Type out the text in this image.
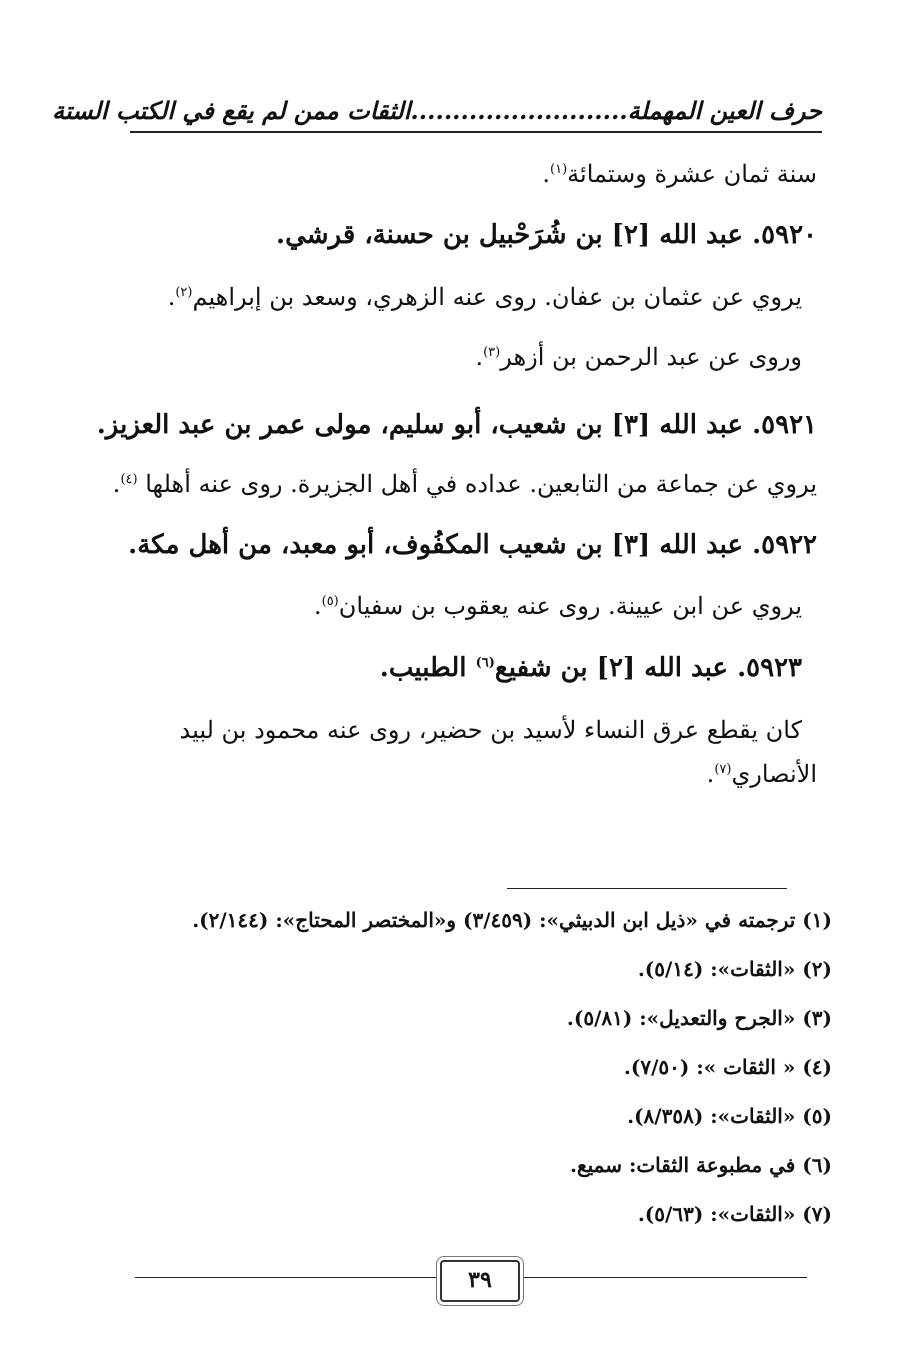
حرف العين المهملة..........................الثقات ممن لم يقع في الكتب الستة
سنة ثمان عشرة وستمائة$^{(١)}$.
٥٩٢٠. عبد الله [٢] بن شُرَحْبيل بن حسنة، قرشي.
يروي عن عثمان بن عفان. روى عنه الزهري، وسعد بن إبراهيم$^{(٢)}$.
وروى عن عبد الرحمن بن أزهر$^{(٣)}$.
٥٩٢١. عبد الله [٣] بن شعيب، أبو سليم، مولى عمر بن عبد العزيز.
يروي عن جماعة من التابعين. عداده في أهل الجزيرة. روى عنه أهلها $^{(٤)}$.
٥٩٢٢. عبد الله [٣] بن شعيب المكفُوف، أبو معبد، من أهل مكة.
يروي عن ابن عيينة. روى عنه يعقوب بن سفيان$^{(٥)}$.
٥٩٢٣. عبد الله [٢] بن شفيع$^{(٦)}$ الطبيب.
كان يقطع عرق النساء لأسيد بن حضير، روى عنه محمود بن لبيد
الأنصاري$^{(٧)}$.
(١) ترجمته في «ذيل ابن الدبيثي»: (٣/٤٥٩) و«المختصر المحتاج»: (٢/١٤٤).
(٢) «الثقات»: (٥/١٤).
(٣) «الجرح والتعديل»: (٥/٨١).
(٤) « الثقات »: (٧/٥٠).
(٥) «الثقات»: (٨/٣٥٨).
(٦) في مطبوعة الثقات: سميع.
(٧) «الثقات»: (٥/٦٣).
٣٩
